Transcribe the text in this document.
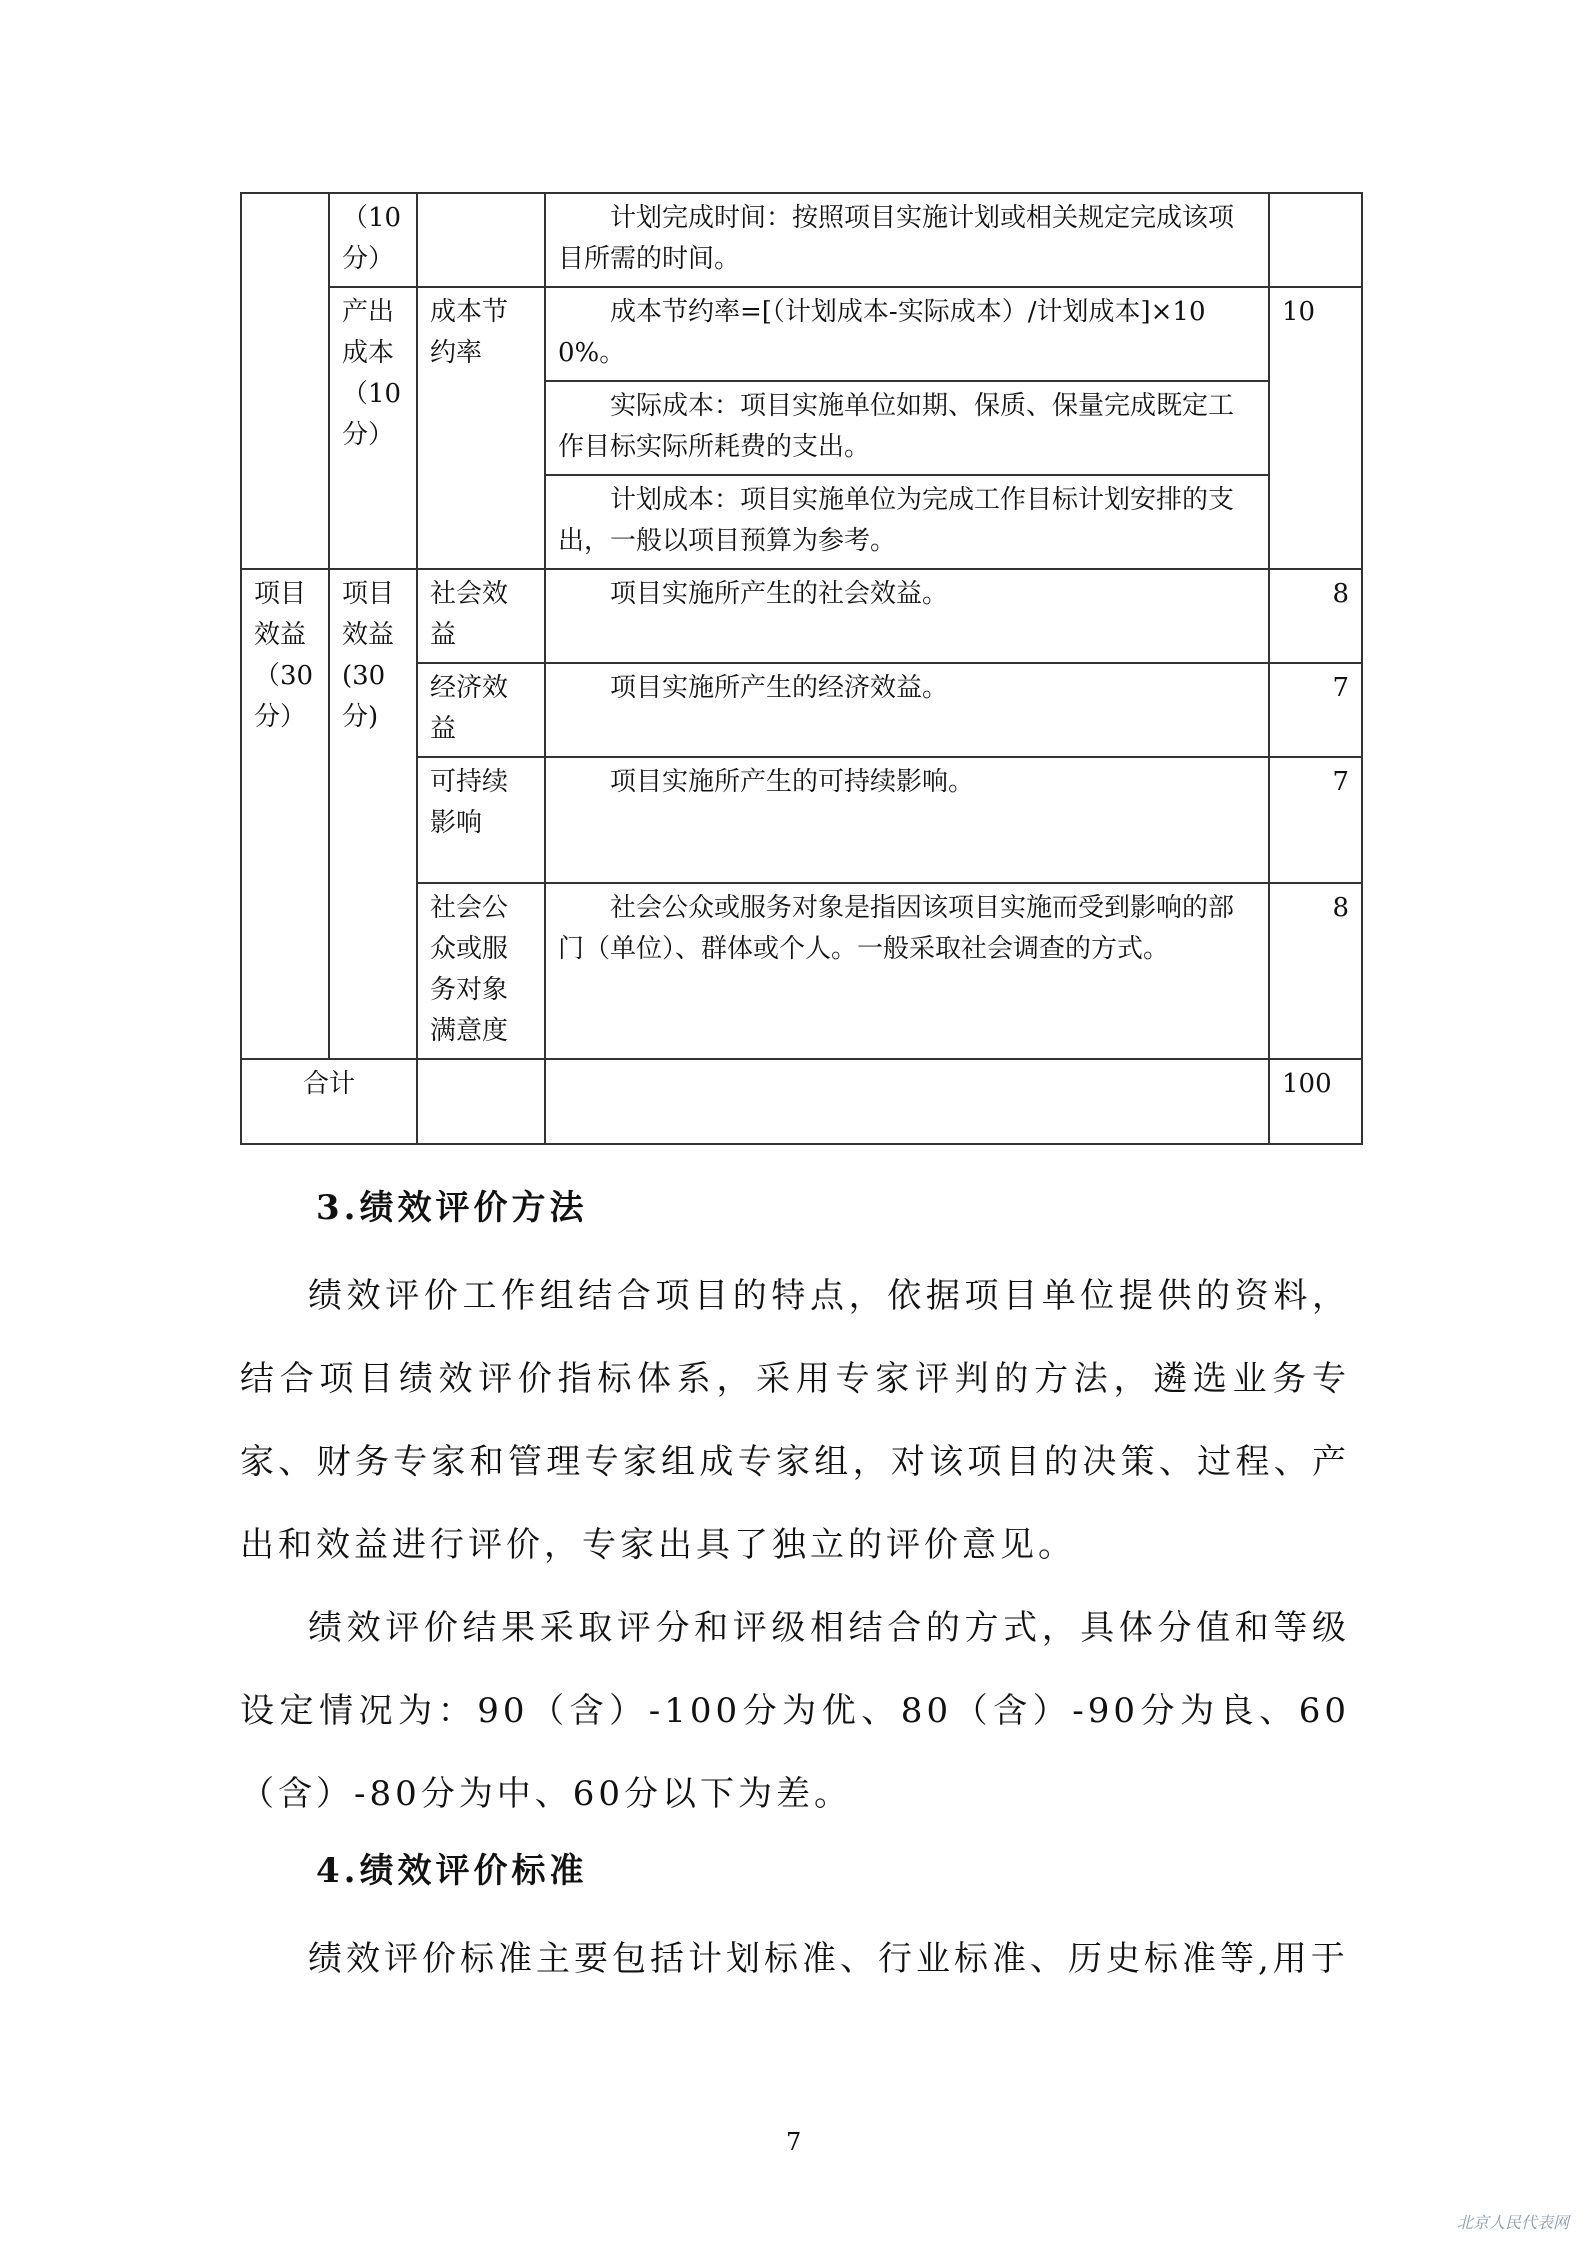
	（10分）		计划完成时间：按照项目实施计划或相关规定完成该项目所需的时间。	
	产出成本（10分）	成本节约率	成本节约率=[（计划成本-实际成本）/计划成本]×100%。	10
			实际成本：项目实施单位如期、保质、保量完成既定工作目标实际所耗费的支出。	
			计划成本：项目实施单位为完成工作目标计划安排的支出，一般以项目预算为参考。	
项目效益（30分）	项目效益(30分)	社会效益	项目实施所产生的社会效益。	8
		经济效益	项目实施所产生的经济效益。	7
		可持续影响	项目实施所产生的可持续影响。	7
		社会公众或服务对象满意度	社会公众或服务对象是指因该项目实施而受到影响的部门（单位）、群体或个人。一般采取社会调查的方式。	8
合计				100
3.绩效评价方法

绩效评价工作组结合项目的特点，依据项目单位提供的资料，结合项目绩效评价指标体系，采用专家评判的方法，遴选业务专家、财务专家和管理专家组成专家组，对该项目的决策、过程、产出和效益进行评价，专家出具了独立的评价意见。

绩效评价结果采取评分和评级相结合的方式，具体分值和等级设定情况为：90（含）-100分为优、80（含）-90分为良、60（含）-80分为中、60分以下为差。

4.绩效评价标准

绩效评价标准主要包括计划标准、行业标准、历史标准等,用于

7
北京人民代表网
